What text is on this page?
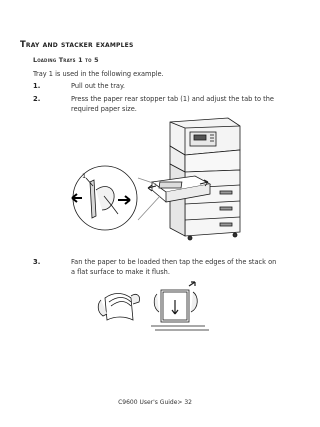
Tray and stacker examples
Loading Trays 1 to 5
Tray 1 is used in the following example.
1.	Pull out the tray.
2.	Press the paper rear stopper tab (1) and adjust the tab to the required paper size.
1
3.	Fan the paper to be loaded then tap the edges of the stack on a flat surface to make it flush.
C9600 User's Guide> 32
